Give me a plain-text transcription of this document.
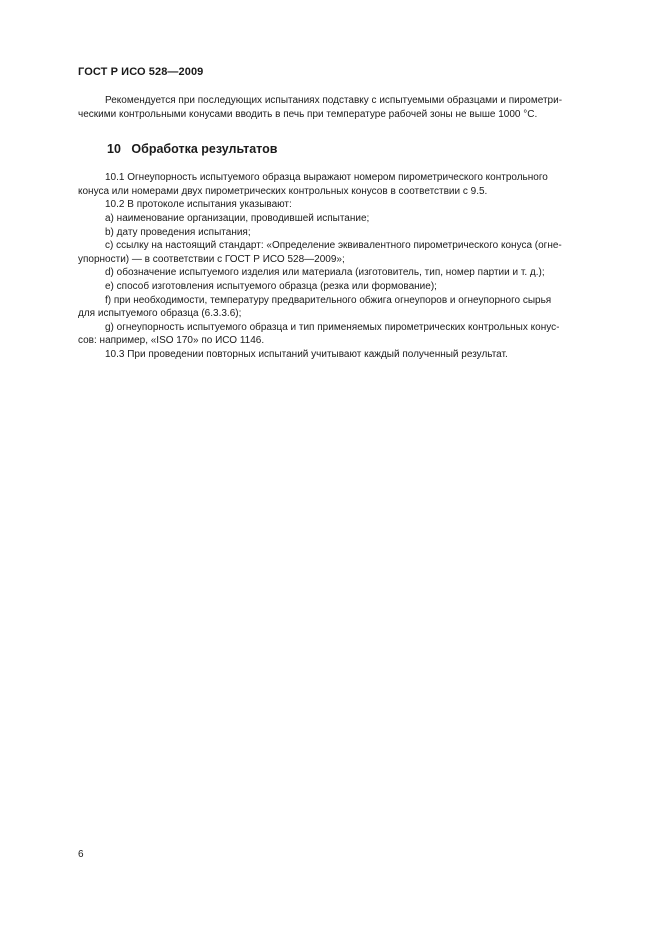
ГОСТ Р ИСО 528—2009

Рекомендуется при последующих испытаниях подставку с испытуемыми образцами и пирометри-

ческими контрольными конусами вводить в печь при температуре рабочей зоны не выше 1000 °С.

10 Обработка результатов

10.1 Огнеупорность испытуемого образца выражают номером пирометрического контрольного

конуса или номерами двух пирометрических контрольных конусов в соответствии с 9.5.

10.2 В протоколе испытания указывают:

a) наименование организации, проводившей испытание;

b) дату проведения испытания;

c) ссылку на настоящий стандарт: «Определение эквивалентного пирометрического конуса (огне-

упорности) — в соответствии с ГОСТ Р ИСО 528—2009»;

d) обозначение испытуемого изделия или материала (изготовитель, тип, номер партии и т. д.);

e) способ изготовления испытуемого образца (резка или формование);

f) при необходимости, температуру предварительного обжига огнеупоров и огнеупорного сырья

для испытуемого образца (6.3.3.6);

g) огнеупорность испытуемого образца и тип применяемых пирометрических контрольных конус-

сов: например, «ISO 170» по ИСО 1146.

10.3 При проведении повторных испытаний учитывают каждый полученный результат.

6
